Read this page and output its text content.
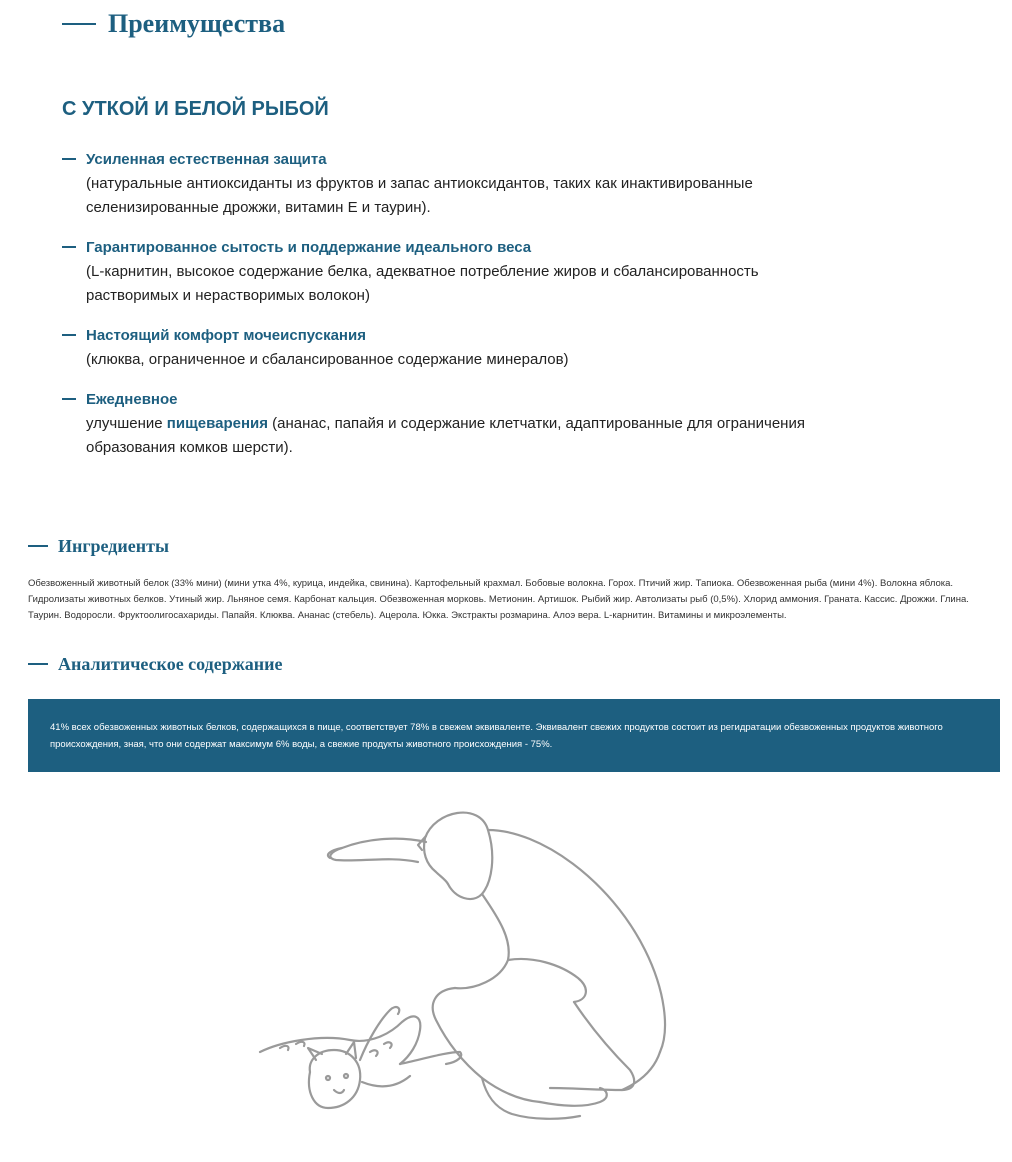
Преимущества
С УТКОЙ И БЕЛОЙ РЫБОЙ
Усиленная естественная защита
(натуральные антиоксиданты из фруктов и запас антиоксидантов, таких как инактивированные селенизированные дрожжи, витамин Е и таурин).
Гарантированное сытость и поддержание идеального веса
(L-карнитин, высокое содержание белка, адекватное потребление жиров и сбалансированность растворимых и нерастворимых волокон)
Настоящий комфорт мочеиспускания
(клюква, ограниченное и сбалансированное содержание минералов)
Ежедневное
улучшение пищеварения (ананас, папайя и содержание клетчатки, адаптированные для ограничения образования комков шерсти).
Ингредиенты
Обезвоженный животный белок (33% мини) (мини утка 4%, курица, индейка, свинина). Картофельный крахмал. Бобовые волокна. Горох. Птичий жир. Тапиока. Обезвоженная рыба (мини 4%). Волокна яблока. Гидролизаты животных белков. Утиный жир. Льняное семя. Карбонат кальция. Обезвоженная морковь. Метионин. Артишок. Рыбий жир. Автолизаты рыб (0,5%). Хлорид аммония. Граната. Кассис. Дрожжи. Глина. Таурин. Водоросли. Фруктоолигосахариды. Папайя. Клюква. Ананас (стебель). Ацерола. Юкка. Экстракты розмарина. Алоэ вера. L-карнитин. Витамины и микроэлементы.
Аналитическое содержание
41% всех обезвоженных животных белков, содержащихся в пище, соответствует 78% в свежем эквиваленте. Эквивалент свежих продуктов состоит из регидратации обезвоженных продуктов животного происхождения, зная, что они содержат максимум 6% воды, а свежие продукты животного происхождения - 75%.
